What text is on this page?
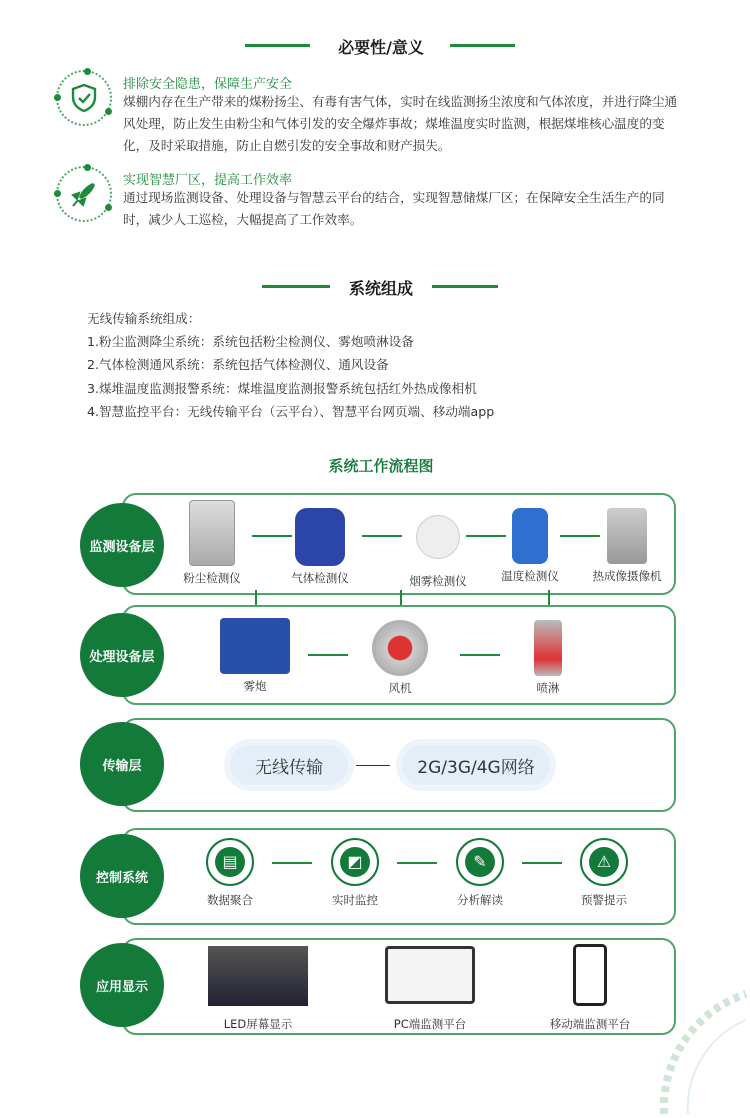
必要性/意义
排除安全隐患，保障生产安全
煤棚内存在生产带来的煤粉扬尘、有毒有害气体，实时在线监测扬尘浓度和气体浓度，并进行降尘通
风处理，防止发生由粉尘和气体引发的安全爆炸事故；煤堆温度实时监测，根据煤堆核心温度的变
化，及时采取措施，防止自燃引发的安全事故和财产损失。
实现智慧厂区，提高工作效率
通过现场监测设备、处理设备与智慧云平台的结合，实现智慧储煤厂区；在保障安全生活生产的同
时，减少人工巡检，大幅提高了工作效率。
系统组成
无线传输系统组成：
1.粉尘监测降尘系统：系统包括粉尘检测仪、雾炮喷淋设备
2.气体检测通风系统：系统包括气体检测仪、通风设备
3.煤堆温度监测报警系统：煤堆温度监测报警系统包括红外热成像相机
4.智慧监控平台：无线传输平台（云平台）、智慧平台网页端、移动端app
系统工作流程图
监测设备层
粉尘检测仪	气体检测仪	烟雾检测仪	温度检测仪	热成像摄像机
处理设备层
雾炮	风机	喷淋
传输层	无线传输	2G/3G/4G网络
控制系统
▤
数据聚合
◩
实时监控
✎
分析解读
⚠
预警提示
应用显示
LED屏幕显示	PC端监测平台	移动端监测平台
